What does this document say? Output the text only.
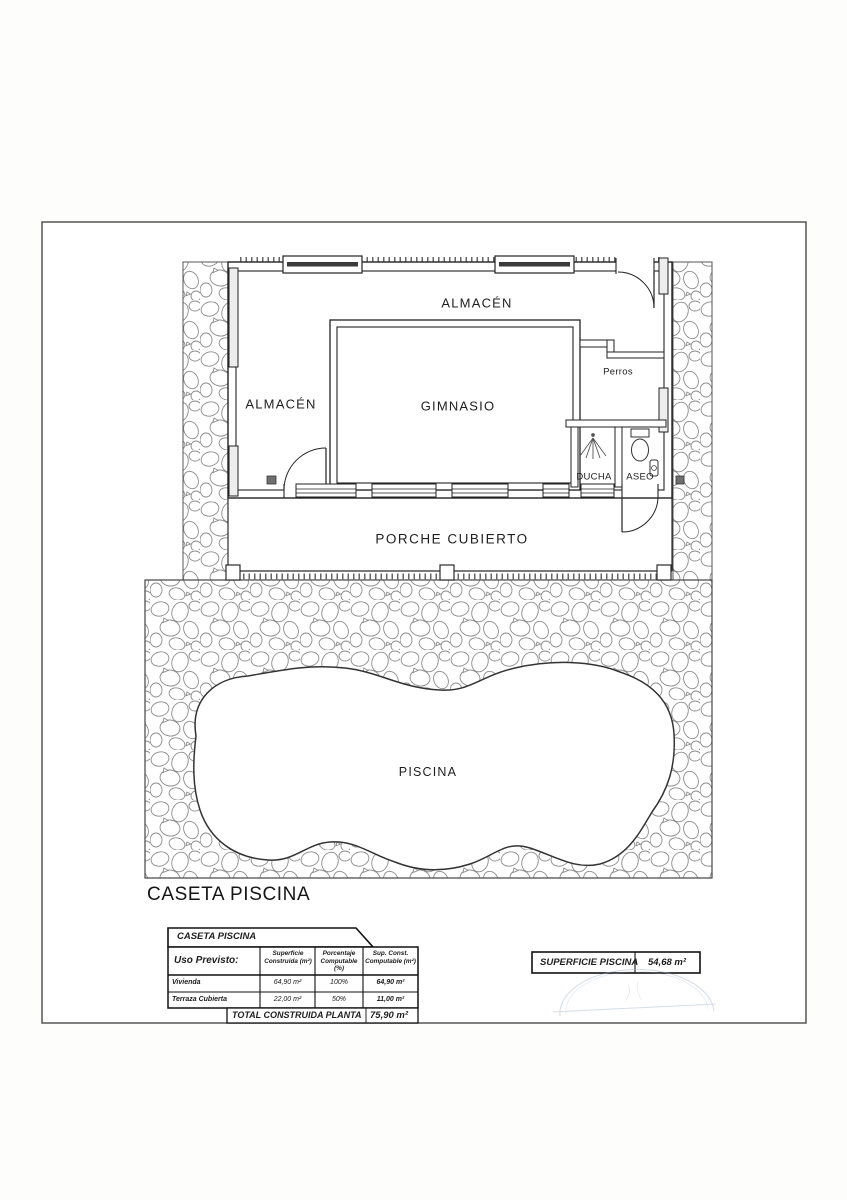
ALMACÉN
ALMACÉN	GIMNASIO
Perros
DUCHA ASEO
PORCHE CUBIERTO
PISCINA
CASETA PISCINA
CASETA PISCINA
Uso Previsto:
Superficie Construida (m²)
Porcentaje Computable (%)
Sup. Const. Computable (m²)
Vivienda	64,90 m²	100%	64,90 m²
Terraza Cubierta	22,00 m²	50%	11,00 m²
TOTAL CONSTRUIDA PLANTA 75,90 m²
SUPERFICIE PISCINA	54,68 m²
